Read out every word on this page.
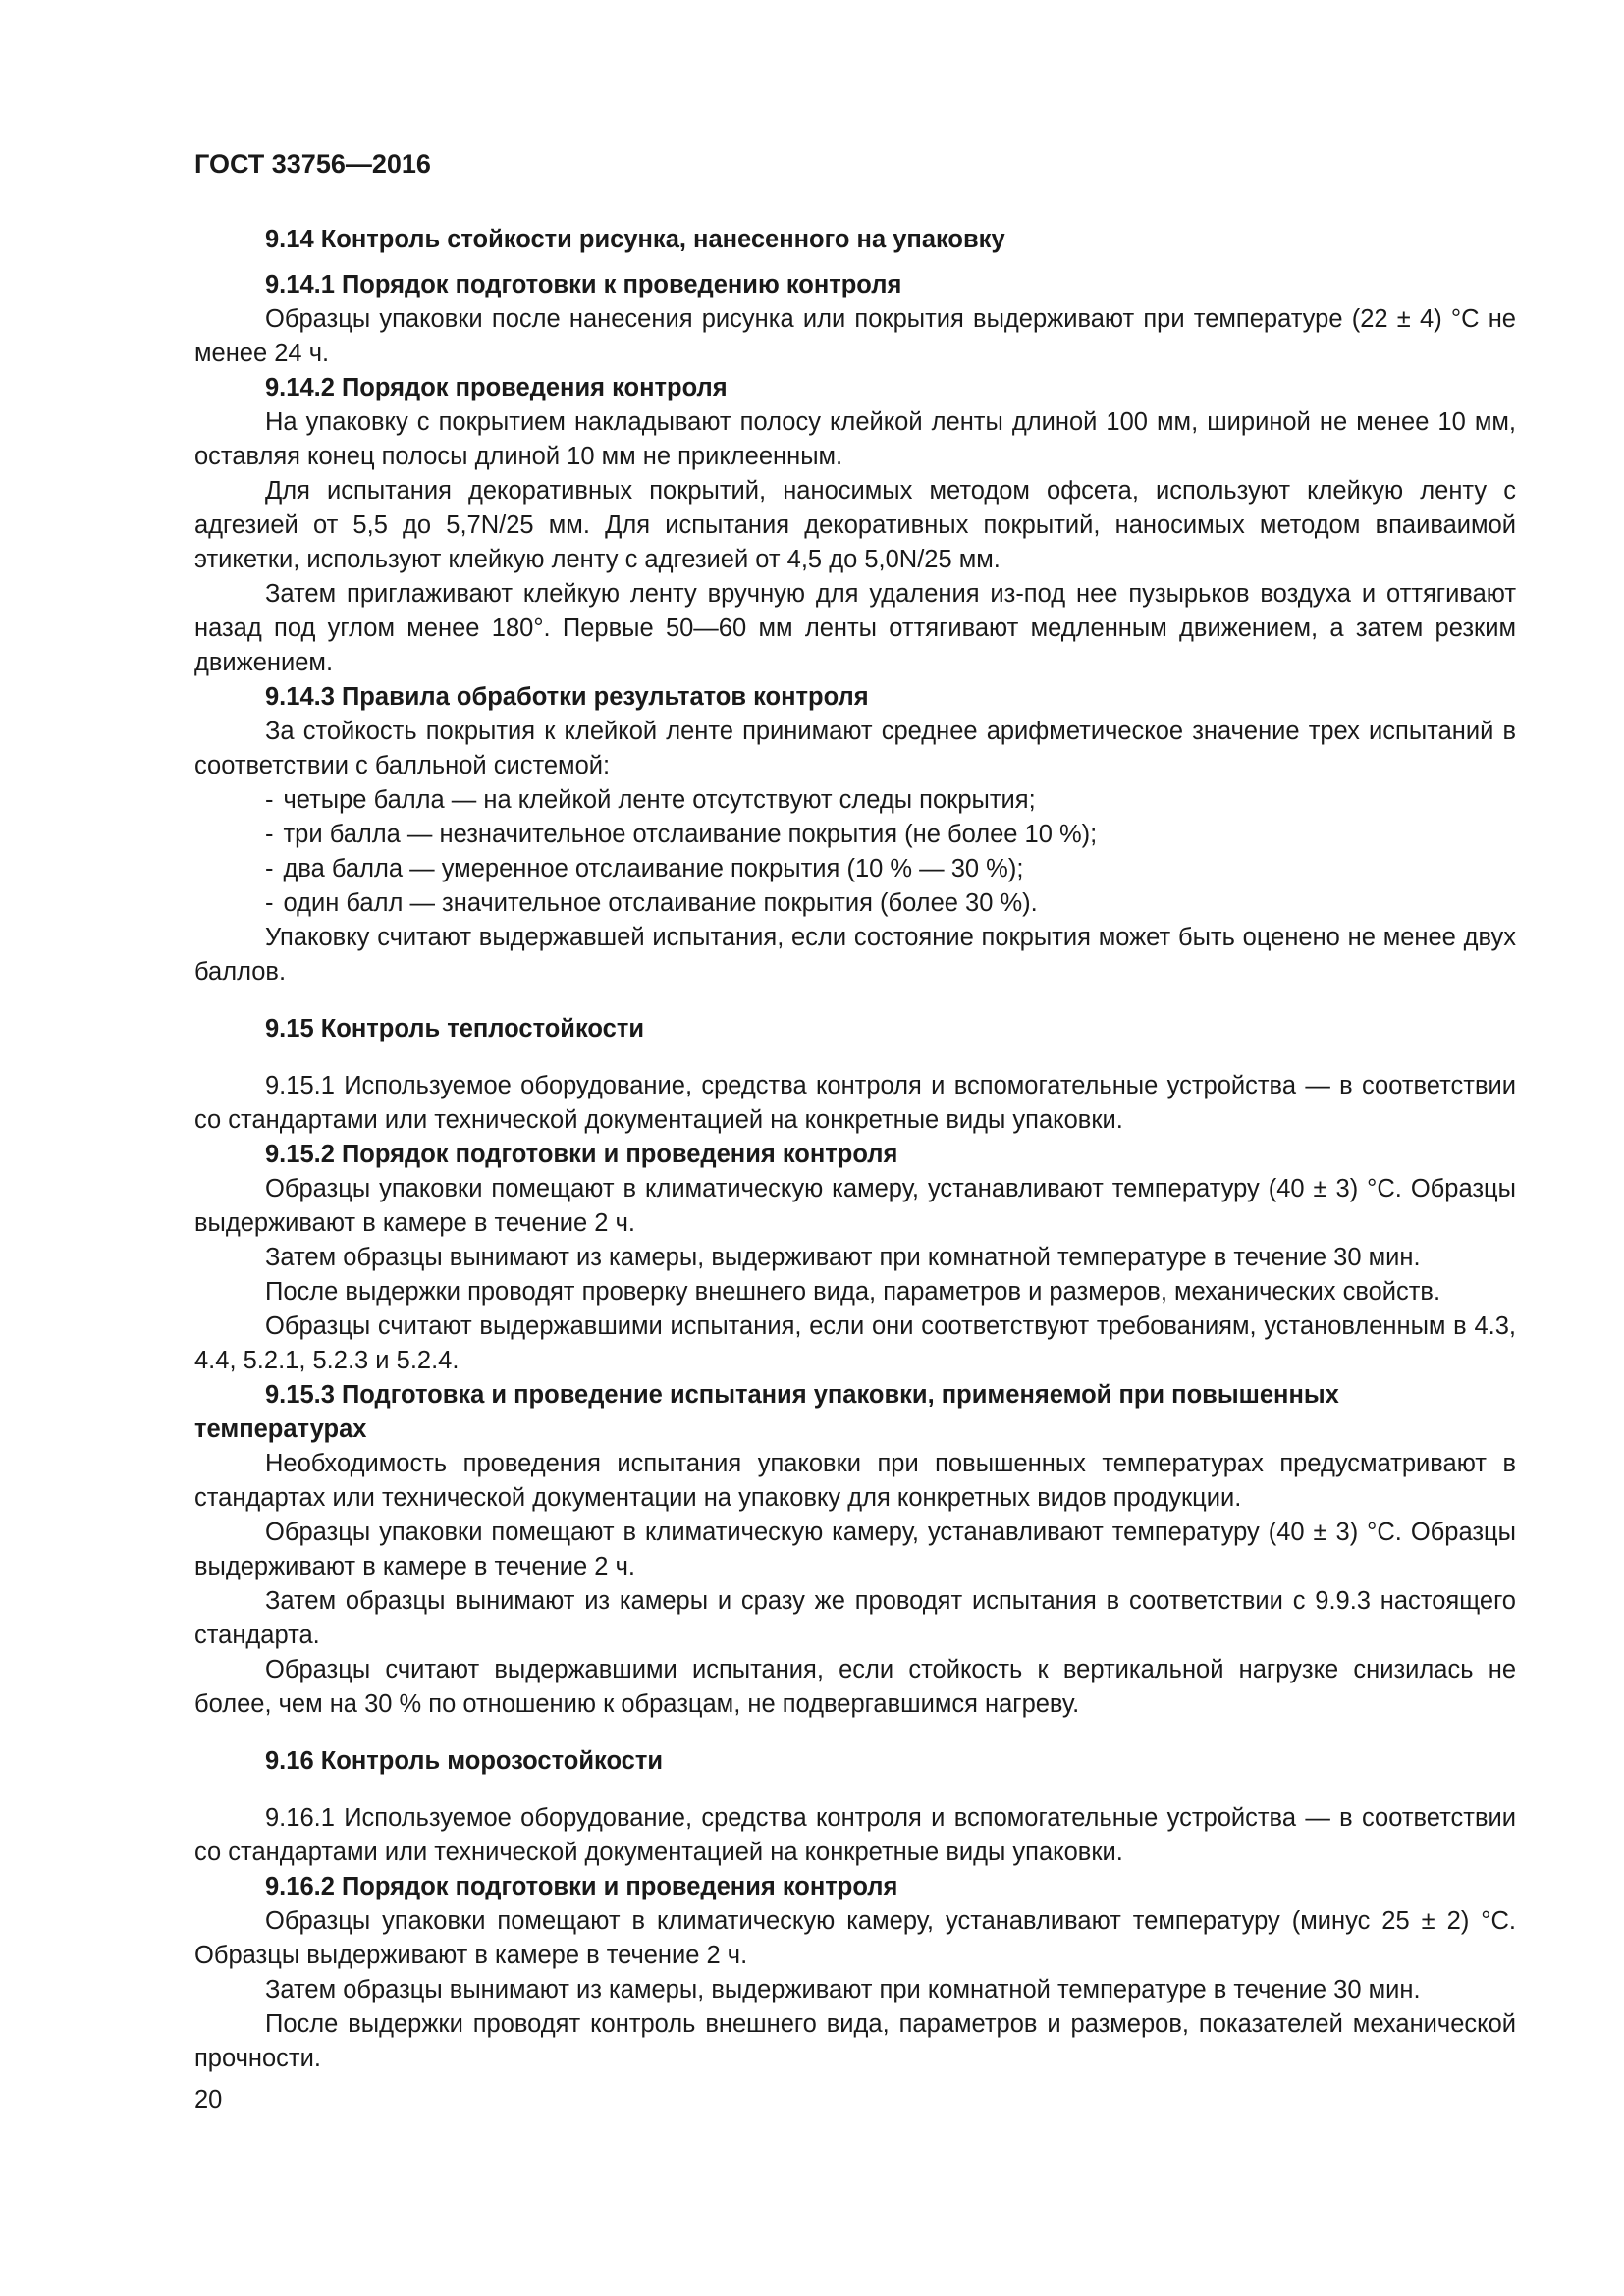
ГОСТ 33756—2016
9.14 Контроль стойкости рисунка, нанесенного на упаковку
9.14.1 Порядок подготовки к проведению контроля

Образцы упаковки после нанесения рисунка или покрытия выдерживают при температуре (22 ± 4) °С не менее 24 ч.

9.14.2 Порядок проведения контроля

На упаковку с покрытием накладывают полосу клейкой ленты длиной 100 мм, шириной не менее 10 мм, оставляя конец полосы длиной 10 мм не приклеенным.

Для испытания декоративных покрытий, наносимых методом офсета, используют клейкую ленту с адгезией от 5,5 до 5,7N/25 мм. Для испытания декоративных покрытий, наносимых методом впаиваимой этикетки, используют клейкую ленту с адгезией от 4,5 до 5,0N/25 мм.

Затем приглаживают клейкую ленту вручную для удаления из-под нее пузырьков воздуха и оттягивают назад под углом менее 180°. Первые 50—60 мм ленты оттягивают медленным движением, а затем резким движением.

9.14.3 Правила обработки результатов контроля

За стойкость покрытия к клейкой ленте принимают среднее арифметическое значение трех испытаний в соответствии с балльной системой:

- четыре балла — на клейкой ленте отсутствуют следы покрытия;
- три балла — незначительное отслаивание покрытия (не более 10 %);
- два балла — умеренное отслаивание покрытия (10 % — 30 %);
- один балл — значительное отслаивание покрытия (более 30 %).

Упаковку считают выдержавшей испытания, если состояние покрытия может быть оценено не менее двух баллов.

9.15 Контроль теплостойкости

9.15.1 Используемое оборудование, средства контроля и вспомогательные устройства — в соответствии со стандартами или технической документацией на конкретные виды упаковки.

9.15.2 Порядок подготовки и проведения контроля

Образцы упаковки помещают в климатическую камеру, устанавливают температуру (40 ± 3) °С. Образцы выдерживают в камере в течение 2 ч.

Затем образцы вынимают из камеры, выдерживают при комнатной температуре в течение 30 мин.

После выдержки проводят проверку внешнего вида, параметров и размеров, механических свойств.

Образцы считают выдержавшими испытания, если они соответствуют требованиям, установленным в 4.3, 4.4, 5.2.1, 5.2.3 и 5.2.4.

9.15.3 Подготовка и проведение испытания упаковки, применяемой при повышенных температурах

Необходимость проведения испытания упаковки при повышенных температурах предусматривают в стандартах или технической документации на упаковку для конкретных видов продукции.

Образцы упаковки помещают в климатическую камеру, устанавливают температуру (40 ± 3) °С. Образцы выдерживают в камере в течение 2 ч.

Затем образцы вынимают из камеры и сразу же проводят испытания в соответствии с 9.9.3 настоящего стандарта.

Образцы считают выдержавшими испытания, если стойкость к вертикальной нагрузке снизилась не более, чем на 30 % по отношению к образцам, не подвергавшимся нагреву.

9.16 Контроль морозостойкости

9.16.1 Используемое оборудование, средства контроля и вспомогательные устройства — в соответствии со стандартами или технической документацией на конкретные виды упаковки.

9.16.2 Порядок подготовки и проведения контроля

Образцы упаковки помещают в климатическую камеру, устанавливают температуру (минус 25 ± 2) °С. Образцы выдерживают в камере в течение 2 ч.

Затем образцы вынимают из камеры, выдерживают при комнатной температуре в течение 30 мин.

После выдержки проводят контроль внешнего вида, параметров и размеров, показателей механической прочности.

20
